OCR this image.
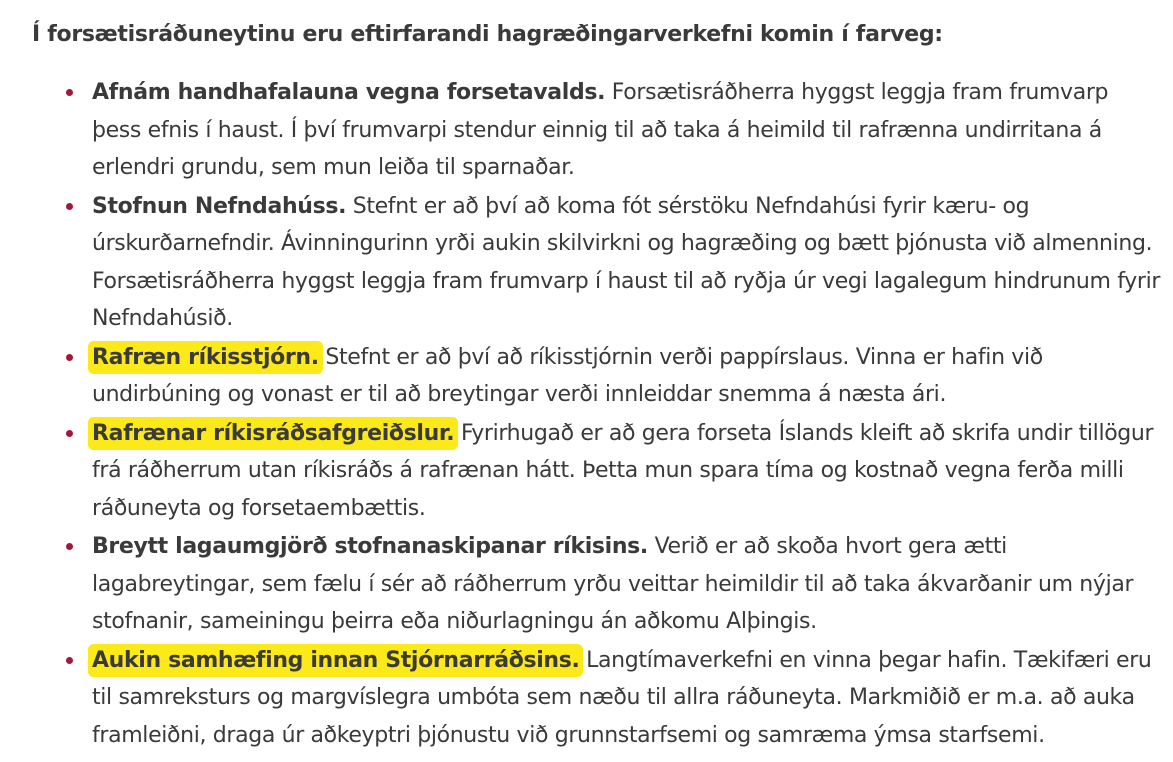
Í forsætisráðuneytinu eru eftirfarandi hagræðingarverkefni komin í farveg:
Afnám handhafalauna vegna forsetavalds. Forsætisráðherra hyggst leggja fram frumvarp þess efnis í haust. Í því frumvarpi stendur einnig til að taka á heimild til rafrænna undirritana á erlendri grundu, sem mun leiða til sparnaðar.
Stofnun Nefndahúss. Stefnt er að því að koma fót sérstöku Nefndahúsi fyrir kæru- og úrskurðarnefndir. Ávinningurinn yrði aukin skilvirkni og hagræðing og bætt þjónusta við almenning. Forsætisráðherra hyggst leggja fram frumvarp í haust til að ryðja úr vegi lagalegum hindrunum fyrir Nefndahúsið.
Rafræn ríkisstjórn. Stefnt er að því að ríkisstjórnin verði pappírslaus. Vinna er hafin við undirbúning og vonast er til að breytingar verði innleiddar snemma á næsta ári.
Rafrænar ríkisráðsafgreiðslur. Fyrirhugað er að gera forseta Íslands kleift að skrifa undir tillögur frá ráðherrum utan ríkisráðs á rafrænan hátt. Þetta mun spara tíma og kostnað vegna ferða milli ráðuneyta og forsetaembættis.
Breytt lagaumgjörð stofnanaskipanar ríkisins. Verið er að skoða hvort gera ætti lagabreytingar, sem fælu í sér að ráðherrum yrðu veittar heimildir til að taka ákvarðanir um nýjar stofnanir, sameiningu þeirra eða niðurlagningu án aðkomu Alþingis.
Aukin samhæfing innan Stjórnarráðsins. Langtímaverkefni en vinna þegar hafin. Tækifæri eru til samreksturs og margvíslegra umbóta sem næðu til allra ráðuneyta. Markmiðið er m.a. að auka framleiðni, draga úr aðkeyptri þjónustu við grunnstarfsemi og samræma ýmsa starfsemi.
